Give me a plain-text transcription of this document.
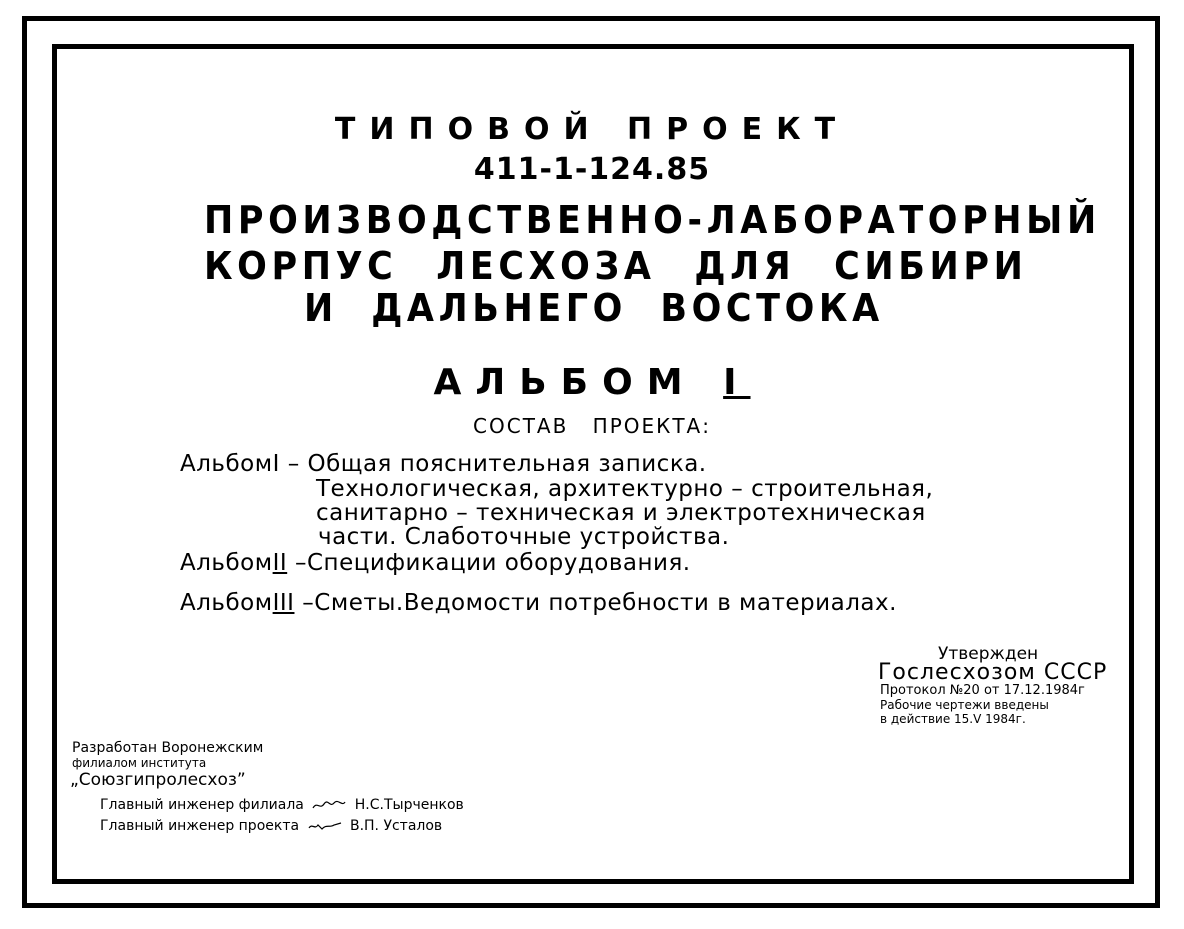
ТИПОВОЙ ПРОЕКТ
411-1-124.85
ПРОИЗВОДСТВЕННО-ЛАБОРАТОРНЫЙ
КОРПУС ЛЕСХОЗА ДЛЯ СИБИРИ
И ДАЛЬНЕГО ВОСТОКА
АЛЬБОМ I
СОСТАВ ПРОЕКТА:
АльбомI – Общая пояснительная записка.
Технологическая, архитектурно – строительная,
санитарно – техническая и электротехническая
части. Слаботочные устройства.
АльбомII –Спецификации оборудования.
АльбомIII –Сметы.Ведомости потребности в материалах.
Утвержден
Гослесхозом СССР
Протокол №20 от 17.12.1984г
Рабочие чертежи введены
в действие 15.V 1984г.
Разработан Воронежским
филиалом института
„Союзгипролесхоз”
Главный инженер филиала	Н.С.Тырченков
Главный инженер проекта	В.П. Усталов
